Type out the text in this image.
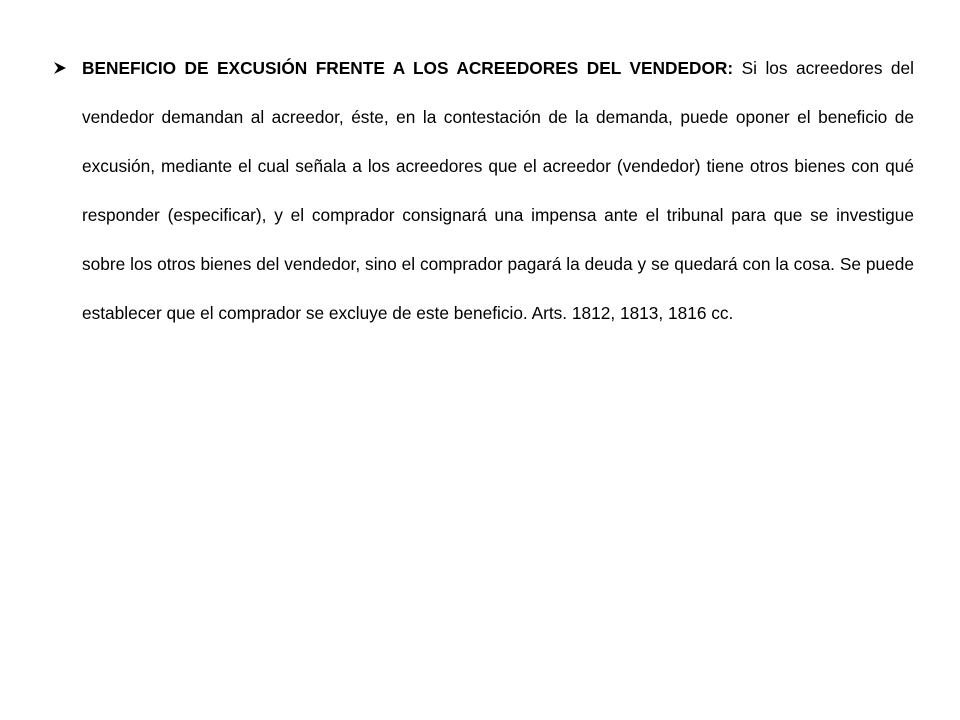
BENEFICIO DE EXCUSIÓN FRENTE A LOS ACREEDORES DEL VENDEDOR: Si los acreedores del vendedor demandan al acreedor, éste, en la contestación de la demanda, puede oponer el beneficio de excusión, mediante el cual señala a los acreedores que el acreedor (vendedor) tiene otros bienes con qué responder (especificar), y el comprador consignará una impensa ante el tribunal para que se investigue sobre los otros bienes del vendedor, sino el comprador pagará la deuda y se quedará con la cosa. Se puede establecer que el comprador se excluye de este beneficio. Arts. 1812, 1813, 1816 cc.
